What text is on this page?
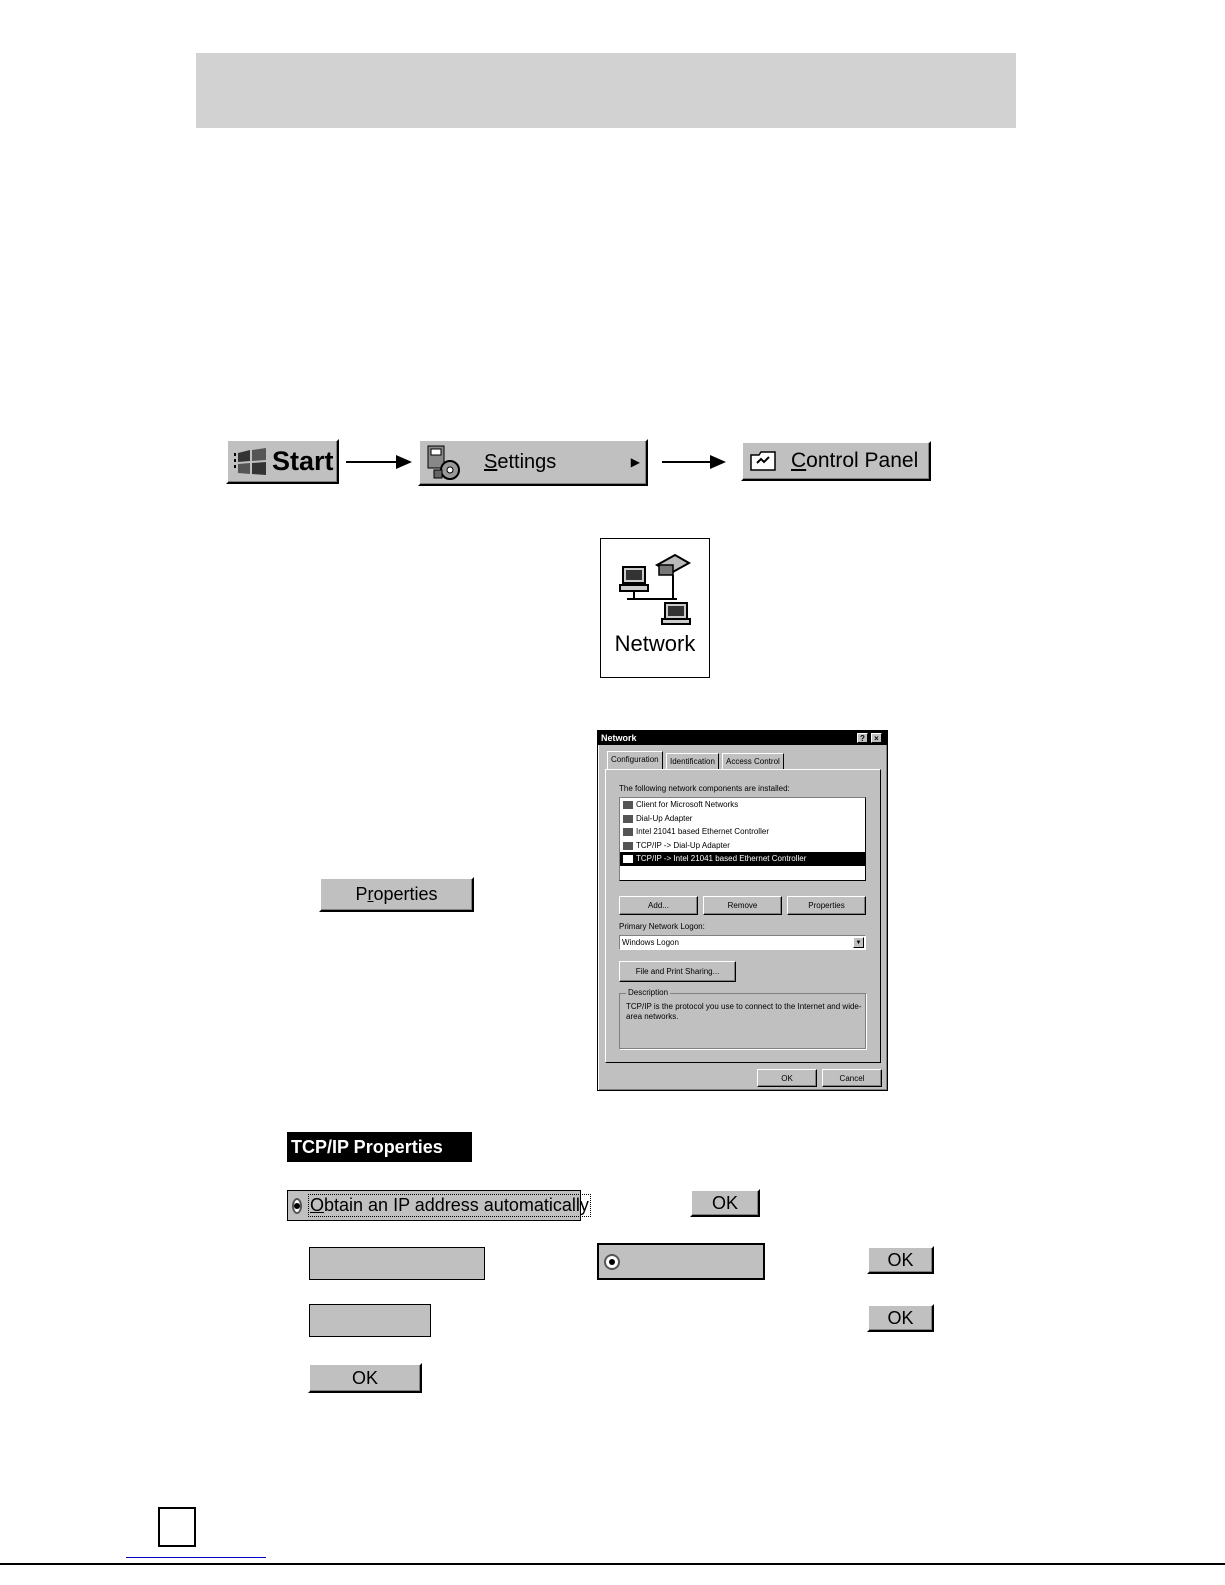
Start	Settings	▶	Control Panel
Network
Properties
Network	?	×
Configuration	Identification	Access Control
The following network components are installed:
Client for Microsoft Networks
Dial-Up Adapter
Intel 21041 based Ethernet Controller
TCP/IP -> Dial-Up Adapter
TCP/IP -> Intel 21041 based Ethernet Controller
Add...	Remove	Properties
Primary Network Logon:
Windows Logon	▼
File and Print Sharing...
Description
TCP/IP is the protocol you use to connect to the Internet and wide-area networks.
OK	Cancel
TCP/IP Properties
Obtain an IP address automatically	OK
OK
OK
OK
